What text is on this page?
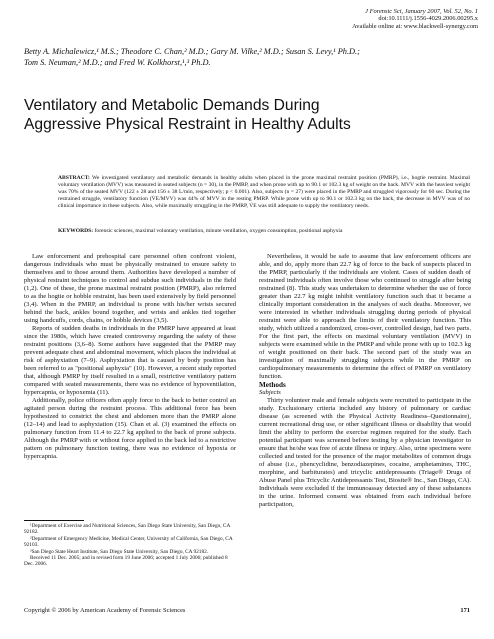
J Forensic Sci, January 2007, Vol. 52, No. 1
doi:10.1111/j.1556-4029.2006.00295.x
Available online at: www.blackwell-synergy.com
Betty A. Michalewicz,¹ M.S.; Theodore C. Chan,² M.D.; Gary M. Vilke,² M.D.; Susan S. Levy,¹ Ph.D.;
Tom S. Neuman,² M.D.; and Fred W. Kolkhorst,¹,³ Ph.D.
Ventilatory and Metabolic Demands During
Aggressive Physical Restraint in Healthy Adults
ABSTRACT: We investigated ventilatory and metabolic demands in healthy adults when placed in the prone maximal restraint position (PMRP), i.e., hogtie restraint. Maximal voluntary ventilation (MVV) was measured in seated subjects (n = 30), in the PMRP, and when prone with up to 90.1 or 102.3 kg of weight on the back. MVV with the heaviest weight was 70% of the seated MVV (122 ± 28 and 156 ± 38 L/min, respectively; p < 0.001). Also, subjects (n = 27) were placed in the PMRP and struggled vigorously for 60 sec. During the restrained struggle, ventilatory function (V̇E/MVV) was 44% of MVV in the resting PMRP. While prone with up to 90.1 or 102.3 kg on the back, the decrease in MVV was of no clinical importance in these subjects. Also, while maximally struggling in the PMRP, V̇E was still adequate to supply the ventilatory needs.
KEYWORDS: forensic sciences, maximal voluntary ventilation, minute ventilation, oxygen consumption, positional asphyxia

Law enforcement and prehospital care personnel often confront violent, dangerous individuals who must be physically restrained to ensure safety to themselves and to those around them. Authorities have developed a number of physical restraint techniques to control and subdue such individuals in the field (1,2). One of these, the prone maximal restraint position (PMRP), also referred to as the hogtie or hobble restraint, has been used extensively by field personnel (3,4). When in the PMRP, an individual is prone with his/her wrists secured behind the back, ankles bound together, and wrists and ankles tied together using handcuffs, cords, chains, or hobble devices (3,5).

Reports of sudden deaths in individuals in the PMRP have appeared at least since the 1980s, which have created controversy regarding the safety of these restraint positions (3,6–8). Some authors have suggested that the PMRP may prevent adequate chest and abdominal movement, which places the individual at risk of asphyxiation (7–9). Asphyxiation that is caused by body position has been referred to as "positional asphyxia" (10). However, a recent study reported that, although PMRP by itself resulted in a small, restrictive ventilatory pattern compared with seated measurements, there was no evidence of hypoventilation, hypercapnia, or hypoxemia (11).

Additionally, police officers often apply force to the back to better control an agitated person during the restraint process. This additional force has been hypothesized to constrict the chest and abdomen more than the PMRP alone (12–14) and lead to asphyxiation (15). Chan et al. (3) examined the effects on pulmonary function from 11.4 to 22.7 kg applied to the back of prone subjects. Although the PMRP with or without force applied to the back led to a restrictive pattern on pulmonary function testing, there was no evidence of hypoxia or hypercapnia.

¹Department of Exercise and Nutritional Sciences, San Diego State University, San Diego, CA 92182.

²Department of Emergency Medicine, Medical Center, University of California, San Diego, CA 92103.

³San Diego State Heart Institute, San Diego State University, San Diego, CA 92182.

Received 11 Dec. 2005; and in revised form 19 June 2006; accepted 1 July 2006; published 8 Dec. 2006.

Nevertheless, it would be safe to assume that law enforcement officers are able, and do, apply more than 22.7 kg of force to the back of suspects placed in the PMRP, particularly if the individuals are violent. Cases of sudden death of restrained individuals often involve those who continued to struggle after being restrained (8). This study was undertaken to determine whether the use of force greater than 22.7 kg might inhibit ventilatory function such that it became a clinically important consideration in the analyses of such deaths. Moreover, we were interested in whether individuals struggling during periods of physical restraint were able to approach the limits of their ventilatory function. This study, which utilized a randomized, cross-over, controlled design, had two parts. For the first part, the effects on maximal voluntary ventilation (MVV) in subjects were examined while in the PMRP and while prone with up to 102.3 kg of weight positioned on their back. The second part of the study was an investigation of maximally struggling subjects while in the PMRP on cardiopulmonary measurements to determine the effect of PMRP on ventilatory function.

Methods

Subjects

Thirty volunteer male and female subjects were recruited to participate in the study. Exclusionary criteria included any history of pulmonary or cardiac disease (as screened with the Physical Activity Readiness–Questionnaire), current recreational drug use, or other significant illness or disability that would limit the ability to perform the exercise regimen required for the study. Each potential participant was screened before testing by a physician investigator to ensure that he/she was free of acute illness or injury. Also, urine specimens were collected and tested for the presence of the major metabolites of common drugs of abuse (i.e., phencyclidine, benzodiazepines, cocaine, amphetamines, THC, morphine, and barbiturates) and tricyclic antidepressants (Triage® Drugs of Abuse Panel plus Tricyclic Antidepressants Test, Biosite® Inc., San Diego, CA). Individuals were excluded if the immunoassay detected any of these substances in the urine. Informed consent was obtained from each individual before participation,

Copyright © 2006 by American Academy of Forensic Sciences	171
